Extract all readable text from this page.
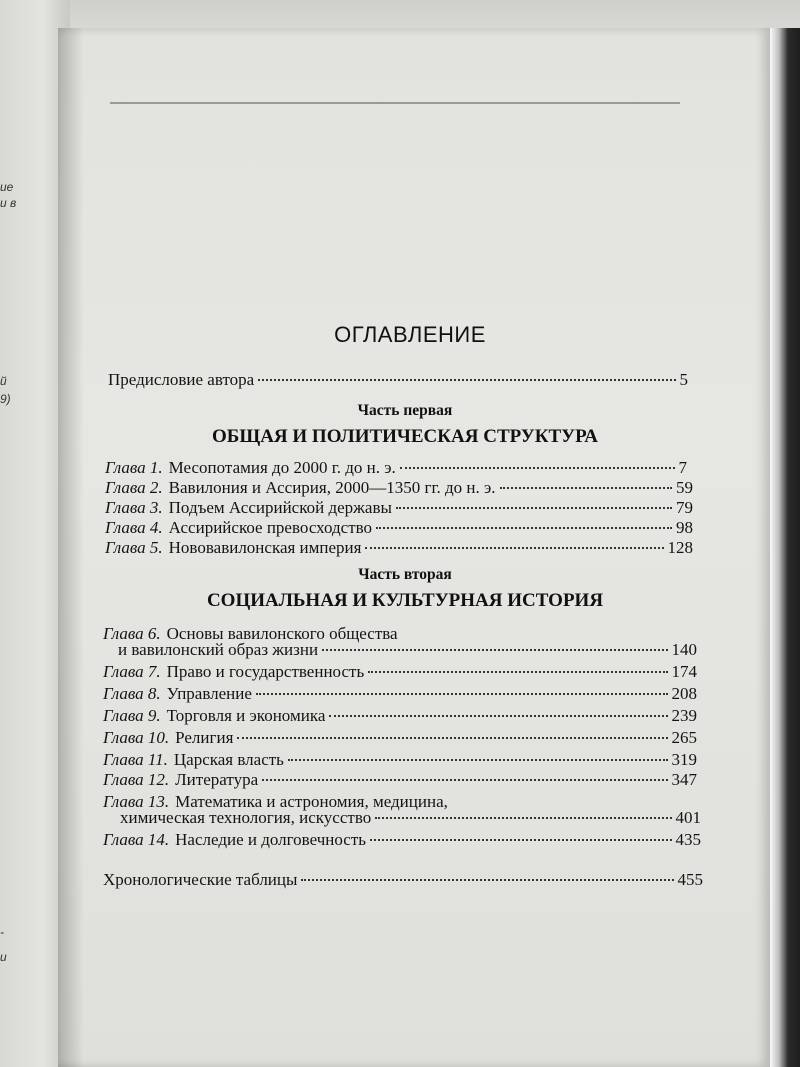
ие
и в
й
9)
-
и
ОГЛАВЛЕНИЕ
Предисловие автора	5
Часть первая
ОБЩАЯ И ПОЛИТИЧЕСКАЯ СТРУКТУРА
Глава 1. Месопотамия до 2000 г. до н. э.	7
Глава 2. Вавилония и Ассирия, 2000—1350 гг. до н. э.	59
Глава 3. Подъем Ассирийской державы	79
Глава 4. Ассирийское превосходство	98
Глава 5. Нововавилонская империя	128
Часть вторая
СОЦИАЛЬНАЯ И КУЛЬТУРНАЯ ИСТОРИЯ
Глава 6. Основы вавилонского общества
и вавилонский образ жизни	140
Глава 7. Право и государственность	174
Глава 8. Управление	208
Глава 9. Торговля и экономика	239
Глава 10. Религия	265
Глава 11. Царская власть	319
Глава 12. Литература	347
Глава 13. Математика и астрономия, медицина,
химическая технология, искусство	401
Глава 14. Наследие и долговечность	435
Хронологические таблицы	455
